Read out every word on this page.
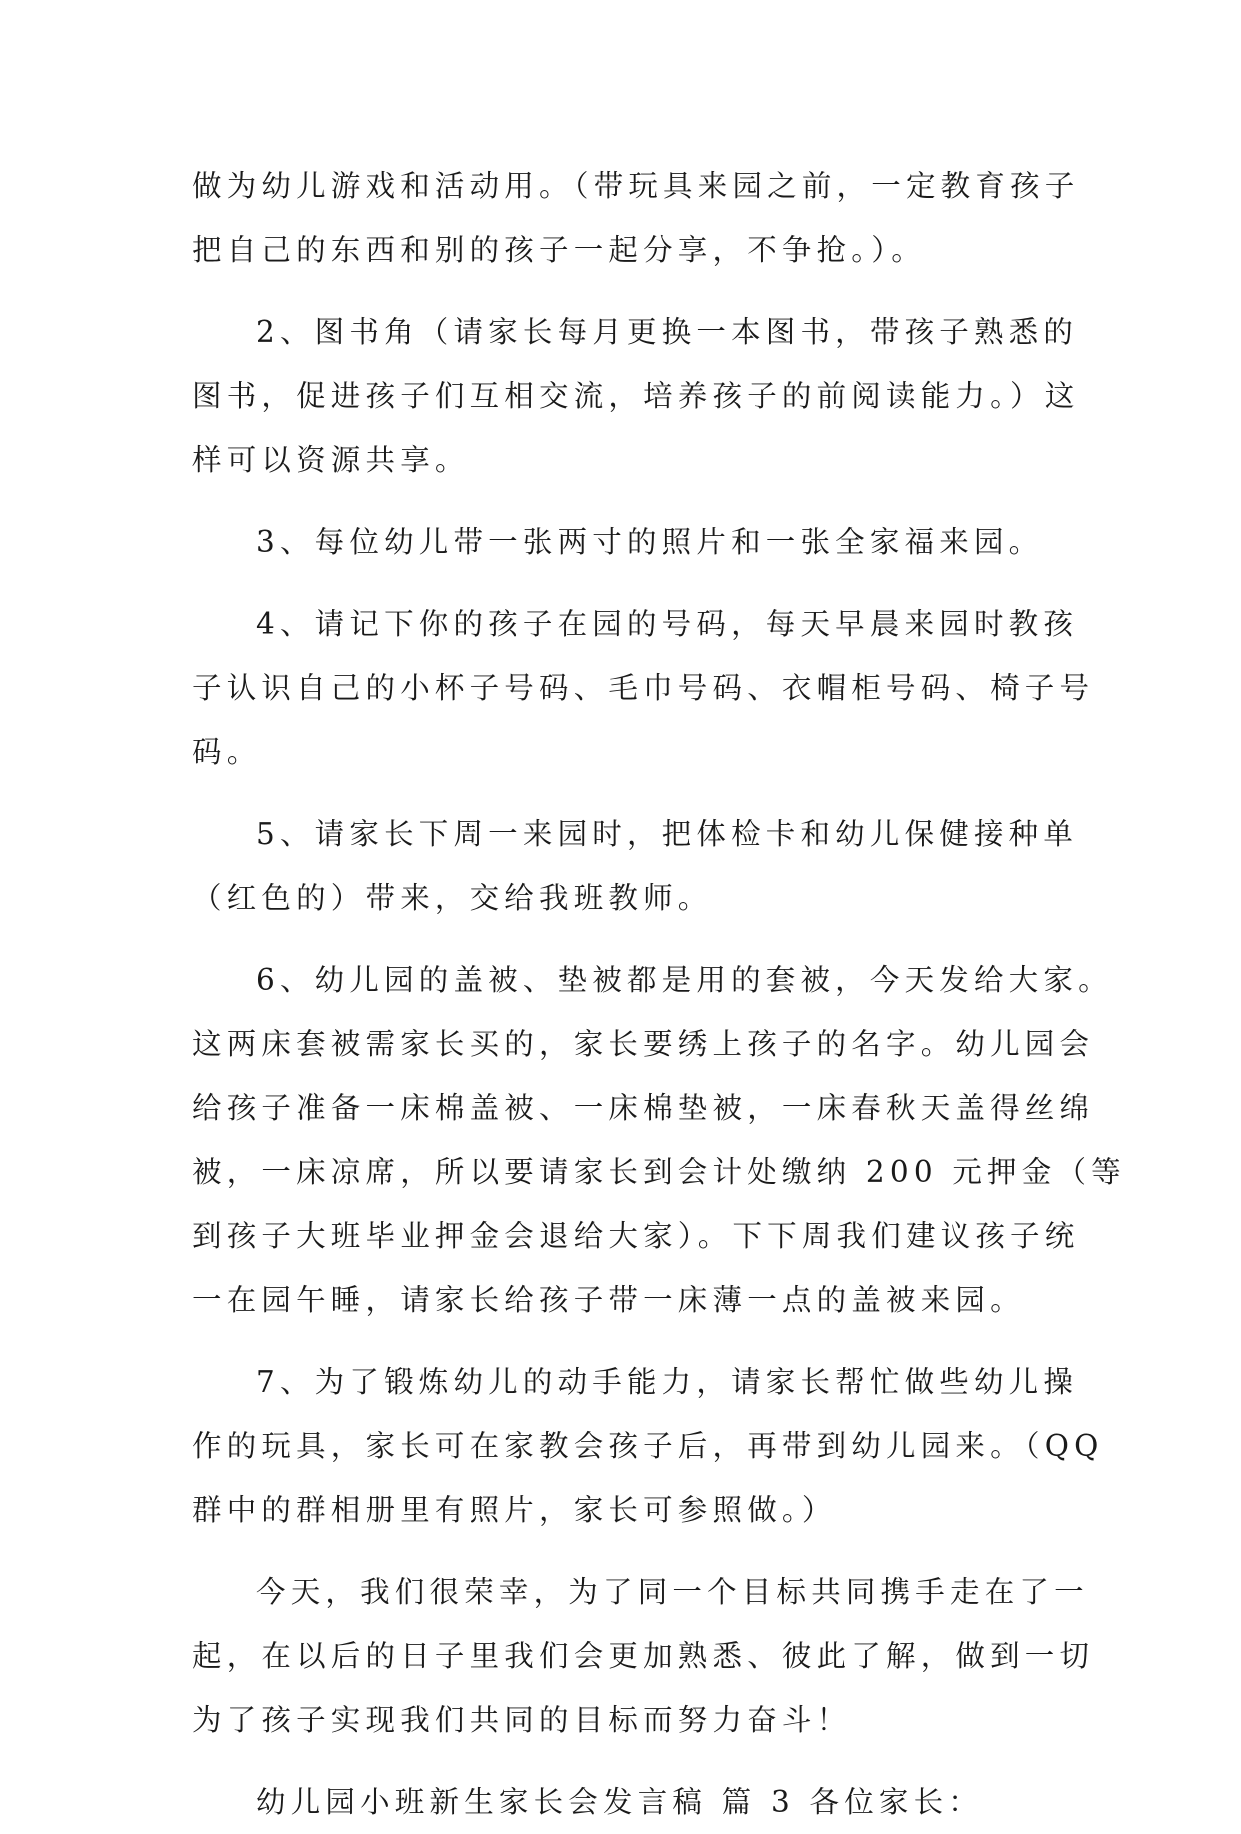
做为幼儿游戏和活动用。（带玩具来园之前，一定教育孩子
把自己的东西和别的孩子一起分享，不争抢。）。
2、图书角（请家长每月更换一本图书，带孩子熟悉的
图书，促进孩子们互相交流，培养孩子的前阅读能力。）这
样可以资源共享。
3、每位幼儿带一张两寸的照片和一张全家福来园。
4、请记下你的孩子在园的号码，每天早晨来园时教孩
子认识自己的小杯子号码、毛巾号码、衣帽柜号码、椅子号
码。
5、请家长下周一来园时，把体检卡和幼儿保健接种单
（红色的）带来，交给我班教师。
6、幼儿园的盖被、垫被都是用的套被，今天发给大家。
这两床套被需家长买的，家长要绣上孩子的名字。幼儿园会
给孩子准备一床棉盖被、一床棉垫被，一床春秋天盖得丝绵
被，一床凉席，所以要请家长到会计处缴纳 200 元押金（等
到孩子大班毕业押金会退给大家）。下下周我们建议孩子统
一在园午睡，请家长给孩子带一床薄一点的盖被来园。
7、为了锻炼幼儿的动手能力，请家长帮忙做些幼儿操
作的玩具，家长可在家教会孩子后，再带到幼儿园来。（QQ
群中的群相册里有照片，家长可参照做。）
今天，我们很荣幸，为了同一个目标共同携手走在了一
起，在以后的日子里我们会更加熟悉、彼此了解，做到一切
为了孩子实现我们共同的目标而努力奋斗！
幼儿园小班新生家长会发言稿 篇 3 各位家长：
